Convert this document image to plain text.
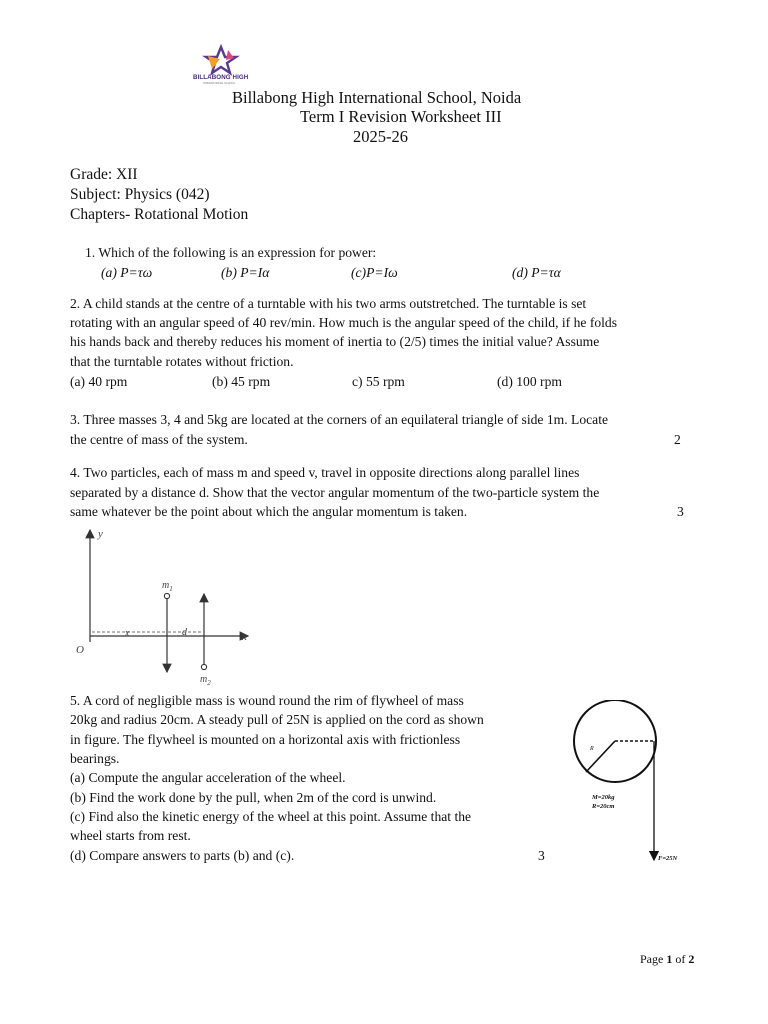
BILLABONG HIGH
INTERNATIONAL SCHOOL
Billabong High International School, Noida
Term I Revision Worksheet III
2025-26
Grade: XII
Subject: Physics (042)
Chapters- Rotational Motion
1. Which of the following is an expression for power:
(a) P=τω	(b) P=Iα	(c)P=Iω	(d) P=τα
2. A child stands at the centre of a turntable with his two arms outstretched. The turntable is set
rotating with an angular speed of 40 rev/min. How much is the angular speed of the child, if he folds
his hands back and thereby reduces his moment of inertia to (2/5) times the initial value? Assume
that the turntable rotates without friction.
(a) 40 rpm	(b) 45 rpm	c) 55 rpm	(d) 100 rpm
3. Three masses 3, 4 and 5kg are located at the corners of an equilateral triangle of side 1m. Locate
the centre of mass of the system.	2
4. Two particles, each of mass m and speed v, travel in opposite directions along parallel lines
separated by a distance d. Show that the vector angular momentum of the two-particle system the
same whatever be the point about which the angular momentum is taken.	3
y
x
O
x	d
$m_1$
$m_2$
5. A cord of negligible mass is wound round the rim of flywheel of mass
20kg and radius 20cm. A steady pull of 25N is applied on the cord as shown
in figure. The flywheel is mounted on a horizontal axis with frictionless
bearings.
(a) Compute the angular acceleration of the wheel.
(b) Find the work done by the pull, when 2m of the cord is unwind.
(c) Find also the kinetic energy of the wheel at this point. Assume that the
wheel starts from rest.
(d) Compare answers to parts (b) and (c).	3
R
M=20kg
R=20cm
F=25N
Page 1 of 2
